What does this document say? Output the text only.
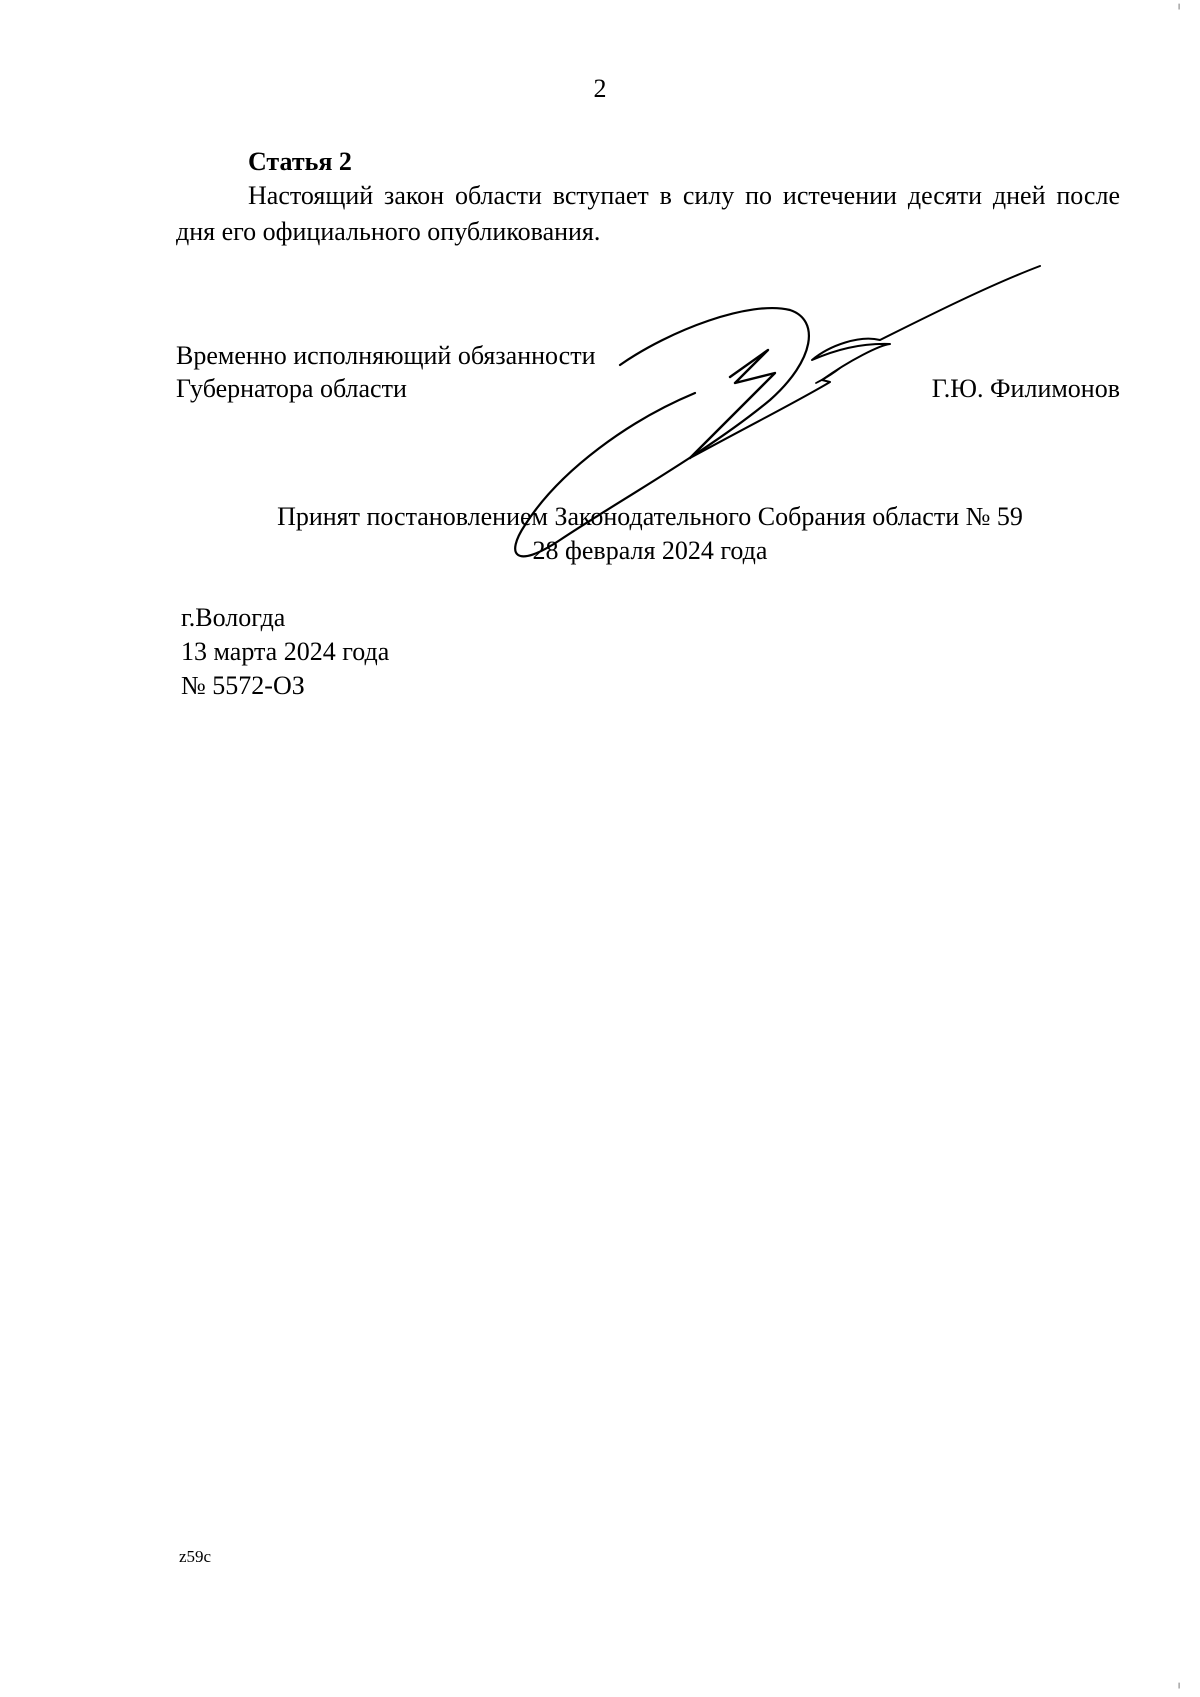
2
Статья 2
Настоящий закон области вступает в силу по истечении десяти дней после дня его официального опубликования.
Временно исполняющий обязанности
Губернатора области	Г.Ю. Филимонов
Принят постановлением Законодательного Собрания области № 59
28 февраля 2024 года
г.Вологда
13 марта 2024 года
№ 5572-ОЗ
z59c
╷
╵
